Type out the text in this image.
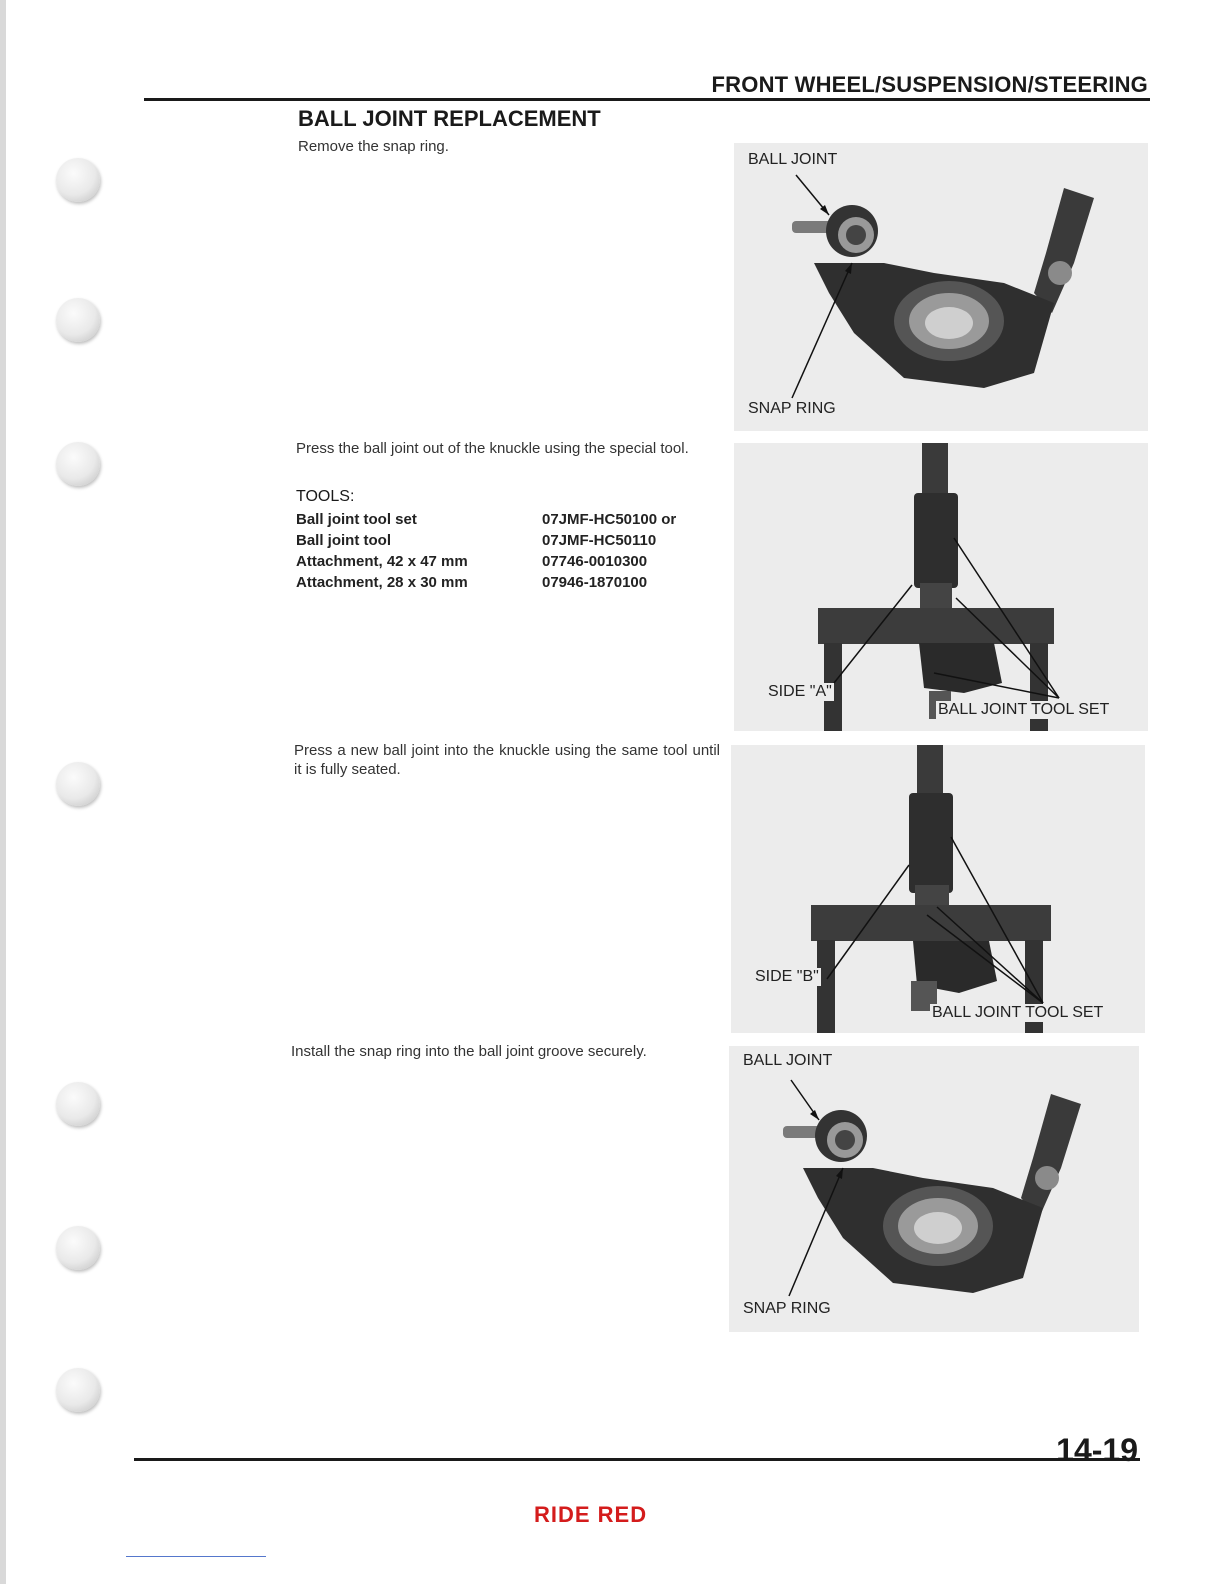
FRONT WHEEL/SUSPENSION/STEERING
BALL JOINT REPLACEMENT
Remove the snap ring.
Press the ball joint out of the knuckle using the special tool.
TOOLS:
Ball joint tool set	07JMF-HC50100 or
Ball joint tool	07JMF-HC50110
Attachment, 42 x 47 mm	07746-0010300
Attachment, 28 x 30 mm	07946-1870100
Press a new ball joint into the knuckle using the same tool until it is fully seated.
Install the snap ring into the ball joint groove securely.
BALL JOINT
SNAP RING
SIDE "A"
BALL JOINT TOOL SET
SIDE "B"
BALL JOINT TOOL SET
BALL JOINT
SNAP RING
14-19
RIDE RED
